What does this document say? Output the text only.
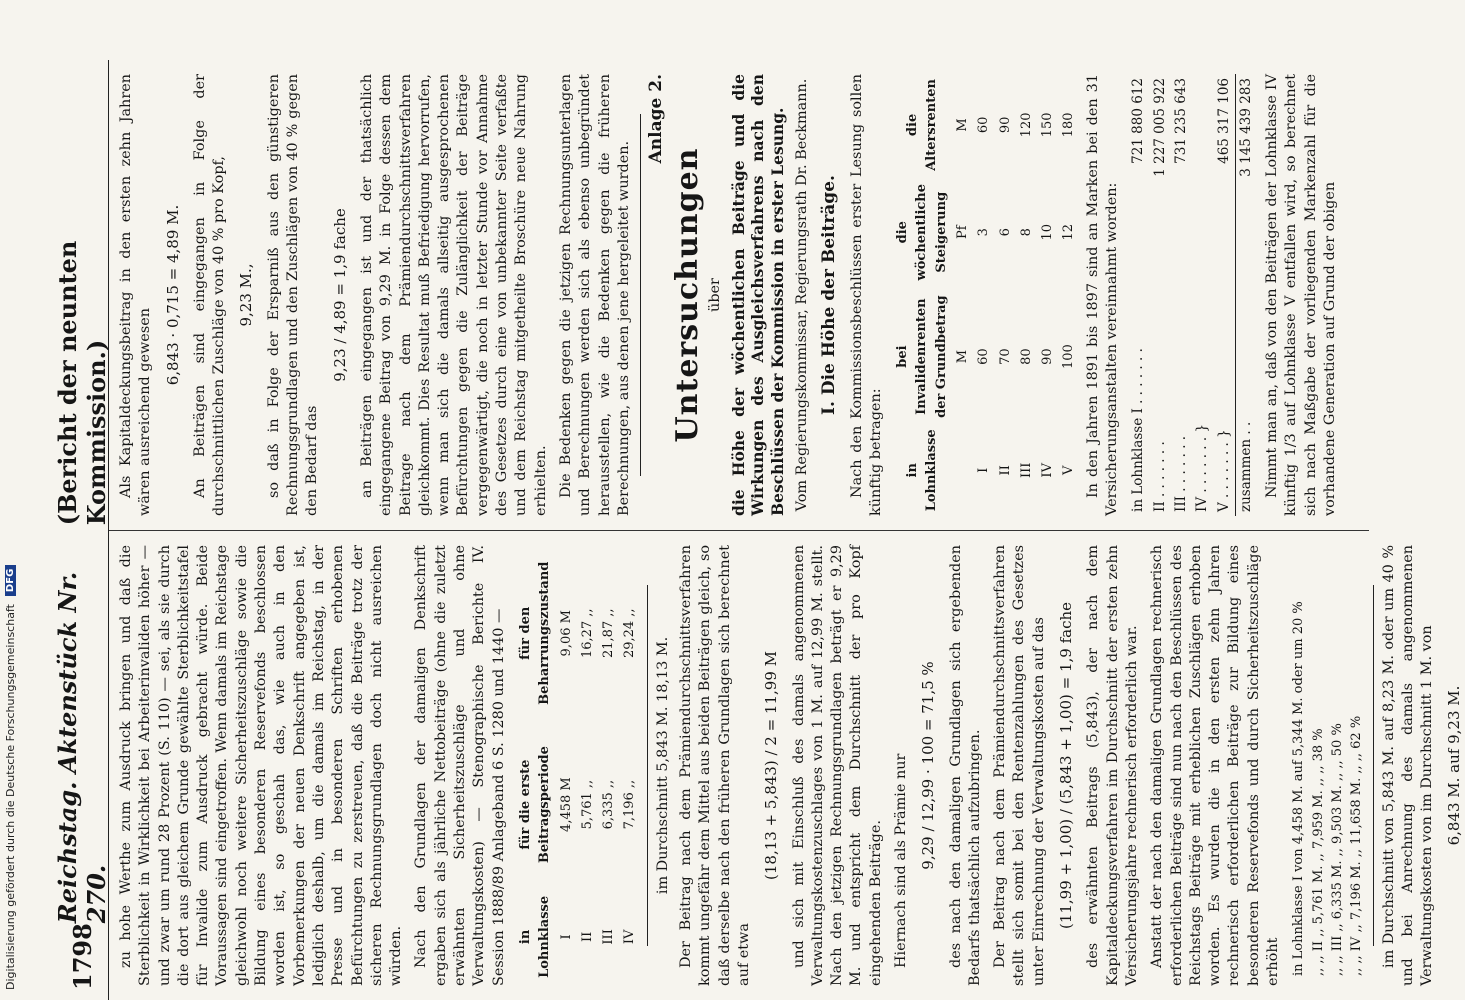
1798
Reichstag. Aktenstück Nr. 270.
(Bericht der neunten Kommission.)

zu hohe Werthe zum Ausdruck bringen und daß die Sterblichkeit in Wirklichkeit bei Arbeiterinvaliden höher — und zwar um rund 28 Prozent (S. 110) — sei, als sie durch die dort aus gleichem Grunde gewählte Sterblichkeitstafel für Invalide zum Ausdruck gebracht würde. Beide Voraussagen sind eingetroffen. Wenn damals im Reichstage gleichwohl noch weitere Sicherheitszuschläge sowie die Bildung eines besonderen Reservefonds beschlossen worden ist, so geschah das, wie auch in den Vorbemerkungen der neuen Denkschrift angegeben ist, lediglich deshalb, um die damals im Reichstag, in der Presse und in besonderen Schriften erhobenen Befürchtungen zu zerstreuen, daß die Beiträge trotz der sicheren Rechnungsgrundlagen doch nicht ausreichen würden. Nach den Grundlagen der damaligen Denkschrift ergaben sich als jährliche Nettobeiträge (ohne die zuletzt erwähnten Sicherheitszuschläge und ohne Verwaltungskosten) — Stenographische Berichte IV. Session 1888/89 Anlageband 6 S. 1280 und 1440 — in Lohnklasse	für die erste Beitragsperiode	für den Beharrungszustand
I	4,458 M	9,06 M
II	5,761 ,,	16,27 ,,
III	6,335 ,,	21,87 ,,
IV	7,196 ,,	29,24 ,,
im Durchschnitt 5,843 M. 18,13 M. Der Beitrag nach dem Prämiendurchschnittsverfahren kommt ungefähr dem Mittel aus beiden Beiträgen gleich, so daß derselbe nach den früheren Grundlagen sich berechnet auf etwa

(18,13 + 5,843) / 2 = 11,99 M und sich mit Einschluß des damals angenommenen Verwaltungskostenzuschlages von 1 M. auf 12,99 M. stellt. Nach den jetzigen Rechnungsgrundlagen beträgt er 9,29 M. und entspricht dem Durchschnitt der pro Kopf eingehenden Beiträge. Hiernach sind als Prämie nur 9,29 / 12,99 · 100 = 71,5 % des nach den damaligen Grundlagen sich ergebenden Bedarfs thatsächlich aufzubringen. Der Beitrag nach dem Prämiendurchschnittsverfahren stellt sich somit bei den Rentenzahlungen des Gesetzes unter Einrechnung der Verwaltungskosten auf das (11,99 + 1,00) / (5,843 + 1,00) = 1,9 fache des erwähnten Beitrags (5,843), der nach dem Kapitaldeckungsverfahren im Durchschnitt der ersten zehn Versicherungsjahre rechnerisch erforderlich war. Anstatt der nach den damaligen Grundlagen rechnerisch erforderlichen Beiträge sind nun nach den Beschlüssen des Reichstags Beiträge mit erheblichen Zuschlägen erhoben worden. Es wurden die in den ersten zehn Jahren rechnerisch erforderlichen Beiträge zur Bildung eines besonderen Reservefonds und durch Sicherheitszuschläge erhöht in Lohnklasse I von 4,458 M. auf 5,344 M. oder um 20 % ,, ,, II ,, 5,761 M. ,, 7,959 M. ,, ,, 38 % ,, ,, III ,, 6,335 M. ,, 9,503 M. ,, ,, 50 % ,, ,, IV ,, 7,196 M. ,, 11,658 M. ,, ,, 62 % im Durchschnitt von 5,843 M. auf 8,23 M. oder um 40 % und bei Anrechnung des damals angenommenen Verwaltungskosten von im Durchschnitt 1 M. von 6,843 M. auf 9,23 M.

Als Kapitaldeckungsbeitrag in den ersten zehn Jahren wären ausreichend gewesen

6,843 · 0,715 = 4,89 M. An Beiträgen sind eingegangen in Folge der durchschnittlichen Zuschläge von 40 % pro Kopf, 9,23 M., so daß in Folge der Ersparniß aus den günstigeren Rechnungsgrundlagen und den Zuschlägen von 40 % gegen den Bedarf das

9,23 / 4,89 = 1,9 fache an Beiträgen eingegangen ist und der thatsächlich eingegangene Beitrag von 9,29 M. in Folge dessen dem Beitrage nach dem Prämiendurchschnittsverfahren gleichkommt. Dies Resultat muß Befriedigung hervorrufen, wenn man sich die damals allseitig ausgesprochenen Befürchtungen gegen die Zulänglichkeit der Beiträge vergegenwärtigt, die noch in letzter Stunde vor Annahme des Gesetzes durch eine von unbekannter Seite verfaßte und dem Reichstag mitgetheilte Broschüre neue Nahrung erhielten. Die Bedenken gegen die jetzigen Rechnungsunterlagen und Berechnungen werden sich als ebenso unbegründet herausstellen, wie die Bedenken gegen die früheren Berechnungen, aus denen jene hergeleitet wurden.

Anlage 2.
Untersuchungen über die Höhe der wöchentlichen Beiträge und die Wirkungen des Ausgleichsverfahrens nach den Beschlüssen der Kommission in erster Lesung. Vom Regierungskommissar, Regierungsrath Dr. Beckmann. I. Die Höhe der Beiträge. Nach den Kommissionsbeschlüssen erster Lesung sollen künftig betragen: in Lohnklasse	bei Invalidenrenten der Grundbetrag	die wöchentliche Steigerung	die Altersrenten
	M	Pf	M
I	60	3	60
II	70	6	90
III	80	8	120
IV	90	10	150
V	100	12	180 In den Jahren 1891 bis 1897 sind an Marken bei den 31 Versicherungsanstalten vereinnahmt worden: in Lohnklasse I . . . . . . .	721 880 612
II . . . . . . .	1 227 005 922
III . . . . . . .	731 235 643
IV . . . . . . . }	
V . . . . . . . }	465 317 106
zusammen . .	3 145 439 283 Nimmt man an, daß von den Beiträgen der Lohnklasse IV künftig 1/3 auf Lohnklasse V entfallen wird, so berechnet sich nach Maßgabe der vorliegenden Markenzahl für die vorhandene Generation auf Grund der obigen

Digitalisierung gefördert durch die Deutsche Forschungsgemeinschaft
DFG
